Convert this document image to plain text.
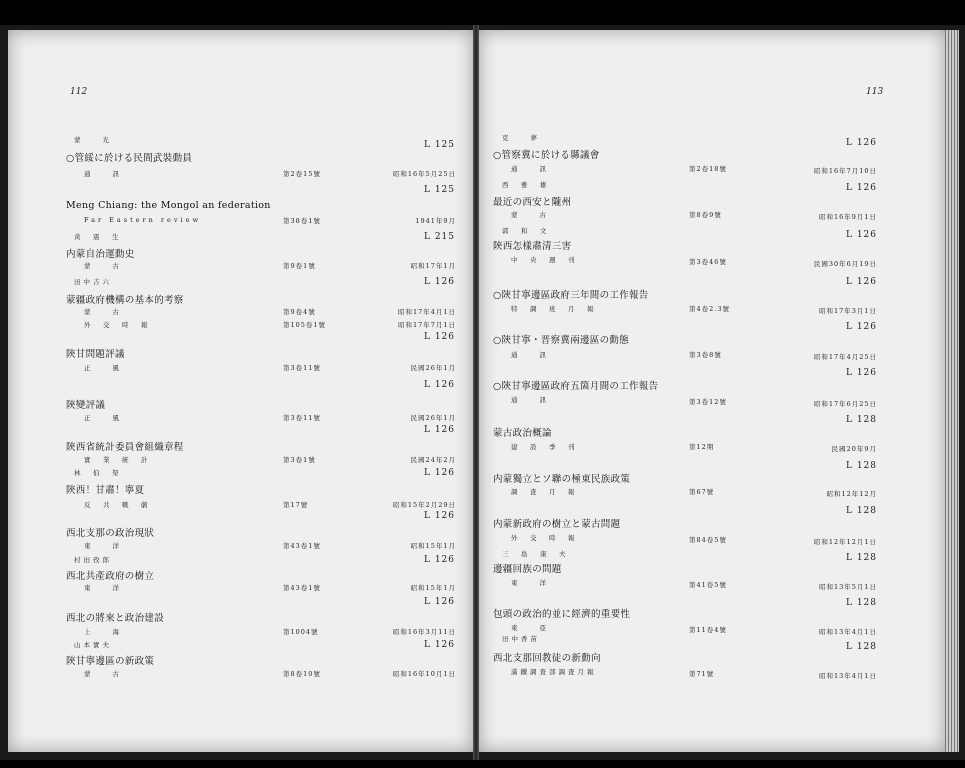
112	113
蒙　　光	L 125
○管綏に於ける民間武裝動員
通　　訊	第2卷15號	昭和16年5月25日
L 125
Meng Chiang: the Mongol an federation
Far Eastern review	第38卷1號	1941年9月
黄　震　生	L 215
内蒙自治運動史
蒙　　古	第9卷1號	昭和17年1月
田中吉六	L 126
蒙疆政府機構の基本的考察
蒙　　古	第9卷4號	昭和17年4月1日
外　交　時　報	第105卷1號	昭和17年7月1日
L 126
陝甘問題評議
正　　風	第3卷11號	民國26年1月
L 126
陝變評議
正　　風	第3卷11號	民國26年1月
L 126
陝西省統計委員會組織章程
實　業　統　計	第3卷1號	民國24年2月
林　伯　渠	L 126
陝西！甘肅！寧夏
反　共　戰　劇	第17號	昭和15年2月29日
L 126
西北支那の政治現狀
東　　洋	第43卷1號	昭和15年1月
村田孜郎	L 126
西北共產政府の樹立
東　　洋	第43卷1號	昭和15年1月
L 126
西北の將來と政治建設
上　　海	第1004號	昭和16年3月11日
山本實夫	L 126
陝甘寧邊區の新政策
蒙　　古	第8卷10號	昭和16年10月1日
克　　夢	L 126
○管察冀に於ける縣議會
通　　訊	第2卷18號	昭和16年7月10日
西　雅　雄	L 126
最近の西安と隴州
蒙　　古	第8卷9號	昭和16年9月1日
郭　和　文	L 126
陝西怎樣肅清三害
中　央　週　刊	第3卷46號	民國30年6月19日
L 126
○陝甘寧邊區政府三年間の工作報告
特　調　班　月　報	第4卷2.3號	昭和17年3月1日
L 126
○陝甘寧・晋察冀兩邊區の動態
通　　訊	第3卷8號	昭和17年4月25日
L 126
○陝甘寧邊區政府五箇月間の工作報告
通　　訊	第3卷12號	昭和17年6月25日
L 128
蒙古政治概論
建　設　季　刊	第12期	民國20年9月
L 128
内蒙獨立とソ聯の極東民族政策
調　査　月　報	第67號	昭和12年12月
L 128
内蒙新政府の樹立と蒙古問題
外　交　時　報	第84卷5號	昭和12年12月1日
三　島　康　夫	L 128
邊疆回族の問題
東　　洋	第41卷5號	昭和13年5月1日
L 128
包頭の政治的並に經濟的重要性
東　　亞	第11卷4號	昭和13年4月1日
田中香苗
L 128
西北支那回教徒の新動向
滿鐵調査部調査月報	第71號	昭和13年4月1日
